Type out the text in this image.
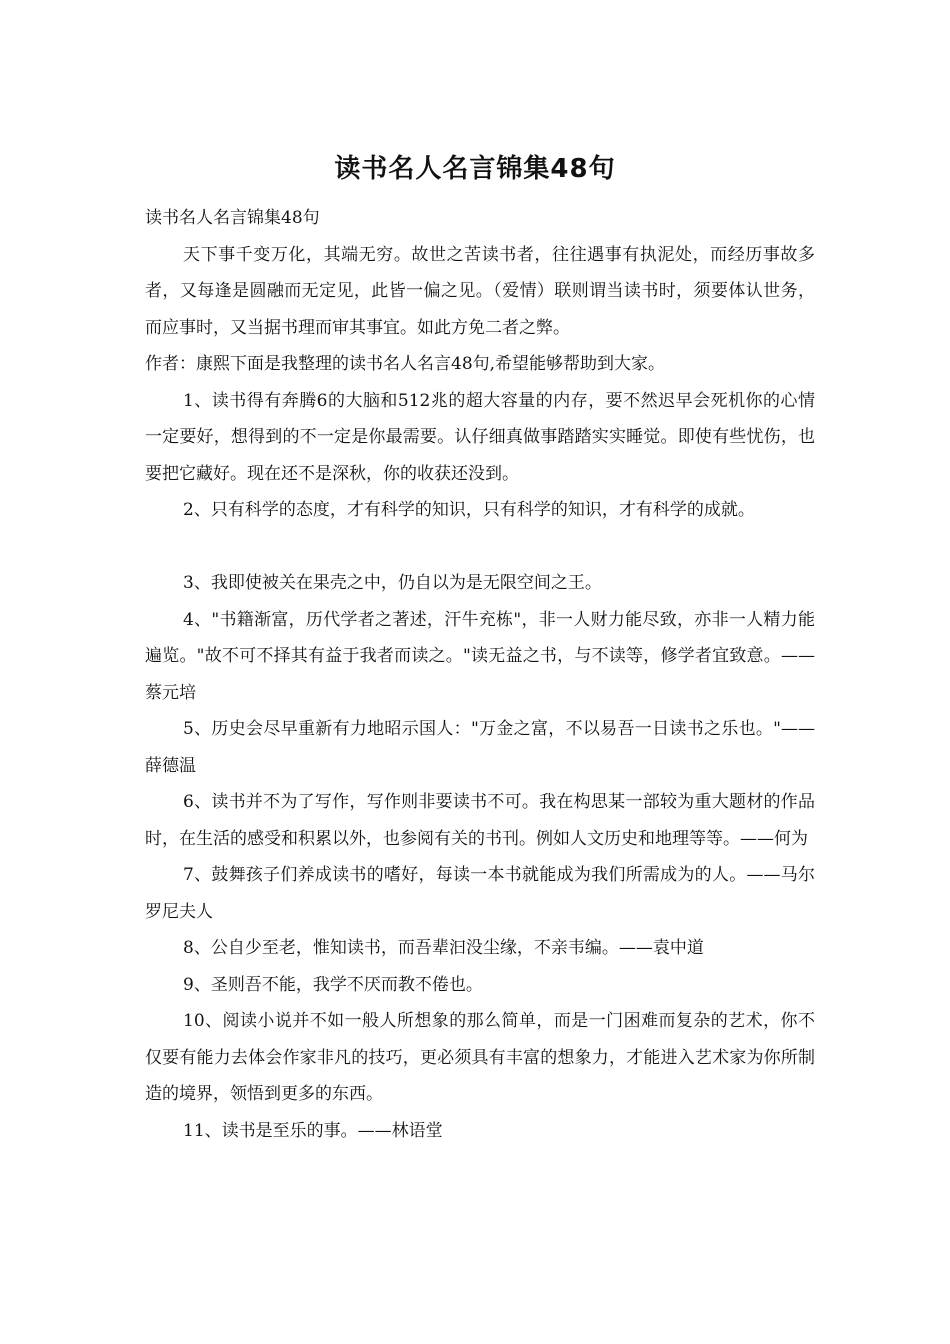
读书名人名言锦集48句

读书名人名言锦集48句

天下事千变万化，其端无穷。故世之苦读书者，往往遇事有执泥处，而经历事故多者，又每逢是圆融而无定见，此皆一偏之见。（爱情）联则谓当读书时，须要体认世务，而应事时，又当据书理而审其事宜。如此方免二者之弊。

作者：康熙下面是我整理的读书名人名言48句,希望能够帮助到大家。

1、读书得有奔腾6的大脑和512兆的超大容量的内存，要不然迟早会死机你的心情一定要好，想得到的不一定是你最需要。认仔细真做事踏踏实实睡觉。即使有些忧伤，也要把它藏好。现在还不是深秋，你的收获还没到。

2、只有科学的态度，才有科学的知识，只有科学的知识，才有科学的成就。

3、我即使被关在果壳之中，仍自以为是无限空间之王。

4、"书籍渐富，历代学者之著述，汗牛充栋"，非一人财力能尽致，亦非一人精力能遍览。"故不可不择其有益于我者而读之。"读无益之书，与不读等，修学者宜致意。——蔡元培

5、历史会尽早重新有力地昭示国人："万金之富，不以易吾一日读书之乐也。"——薛德温

6、读书并不为了写作，写作则非要读书不可。我在构思某一部较为重大题材的作品时，在生活的感受和积累以外，也参阅有关的书刊。例如人文历史和地理等等。——何为

7、鼓舞孩子们养成读书的嗜好，每读一本书就能成为我们所需成为的人。——马尔罗尼夫人

8、公自少至老，惟知读书，而吾辈汩没尘缘，不亲韦编。——袁中道

9、圣则吾不能，我学不厌而教不倦也。

10、阅读小说并不如一般人所想象的那么简单，而是一门困难而复杂的艺术，你不仅要有能力去体会作家非凡的技巧，更必须具有丰富的想象力，才能进入艺术家为你所制造的境界，领悟到更多的东西。

11、读书是至乐的事。——林语堂
